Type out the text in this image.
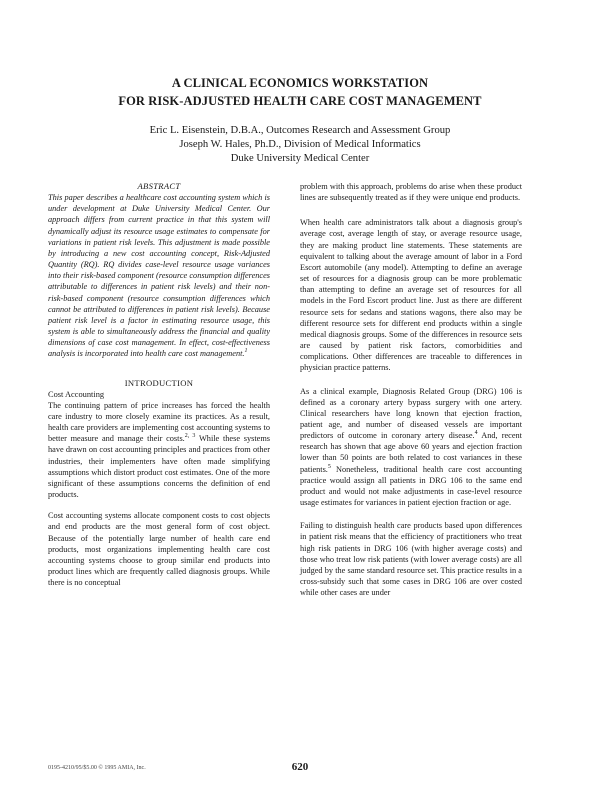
A CLINICAL ECONOMICS WORKSTATION

FOR RISK-ADJUSTED HEALTH CARE COST MANAGEMENT

Eric L. Eisenstein, D.B.A., Outcomes Research and Assessment Group
Joseph W. Hales, Ph.D., Division of Medical Informatics
Duke University Medical Center

ABSTRACT

This paper describes a healthcare cost accounting system which is under development at Duke University Medical Center. Our approach differs from current practice in that this system will dynamically adjust its resource usage estimates to compensate for variations in patient risk levels. This adjustment is made possible by introducing a new cost accounting concept, Risk-Adjusted Quantity (RQ). RQ divides case-level resource usage variances into their risk-based component (resource consumption differences attributable to differences in patient risk levels) and their non-risk-based component (resource consumption differences which cannot be attributed to differences in patient risk levels). Because patient risk level is a factor in estimating resource usage, this system is able to simultaneously address the financial and quality dimensions of case cost management. In effect, cost-effectiveness analysis is incorporated into health care cost management.$^1$

INTRODUCTION

Cost Accounting

The continuing pattern of price increases has forced the health care industry to more closely examine its practices. As a result, health care providers are implementing cost accounting systems to better measure and manage their costs.$^{2, 3}$ While these systems have drawn on cost accounting principles and practices from other industries, their implementers have often made simplifying assumptions which distort product cost estimates. One of the more significant of these assumptions concerns the definition of end products.

Cost accounting systems allocate component costs to cost objects and end products are the most general form of cost object. Because of the potentially large number of health care end products, most organizations implementing health care cost accounting systems choose to group similar end products into product lines which are frequently called diagnosis groups. While there is no conceptual

problem with this approach, problems do arise when these product lines are subsequently treated as if they were unique end products.

When health care administrators talk about a diagnosis group's average cost, average length of stay, or average resource usage, they are making product line statements. These statements are equivalent to talking about the average amount of labor in a Ford Escort automobile (any model). Attempting to define an average set of resources for a diagnosis group can be more problematic than attempting to define an average set of resources for all models in the Ford Escort product line. Just as there are different resource sets for sedans and stations wagons, there also may be different resource sets for different end products within a single medical diagnosis groups. Some of the differences in resource sets are caused by patient risk factors, comorbidities and complications. Other differences are traceable to differences in physician practice patterns.

As a clinical example, Diagnosis Related Group (DRG) 106 is defined as a coronary artery bypass surgery with one artery. Clinical researchers have long known that ejection fraction, patient age, and number of diseased vessels are important predictors of outcome in coronary artery disease.$^4$ And, recent research has shown that age above 60 years and ejection fraction lower than 50 points are both related to cost variances in these patients.$^5$ Nonetheless, traditional health care cost accounting practice would assign all patients in DRG 106 to the same end product and would not make adjustments in case-level resource usage estimates for variances in patient ejection fraction or age.

Failing to distinguish health care products based upon differences in patient risk means that the efficiency of practitioners who treat high risk patients in DRG 106 (with higher average costs) and those who treat low risk patients (with lower average costs) are all judged by the same standard resource set. This practice results in a cross-subsidy such that some cases in DRG 106 are over costed while other cases are under

0195-4210/95/$5.00 © 1995 AMIA, Inc.	620
